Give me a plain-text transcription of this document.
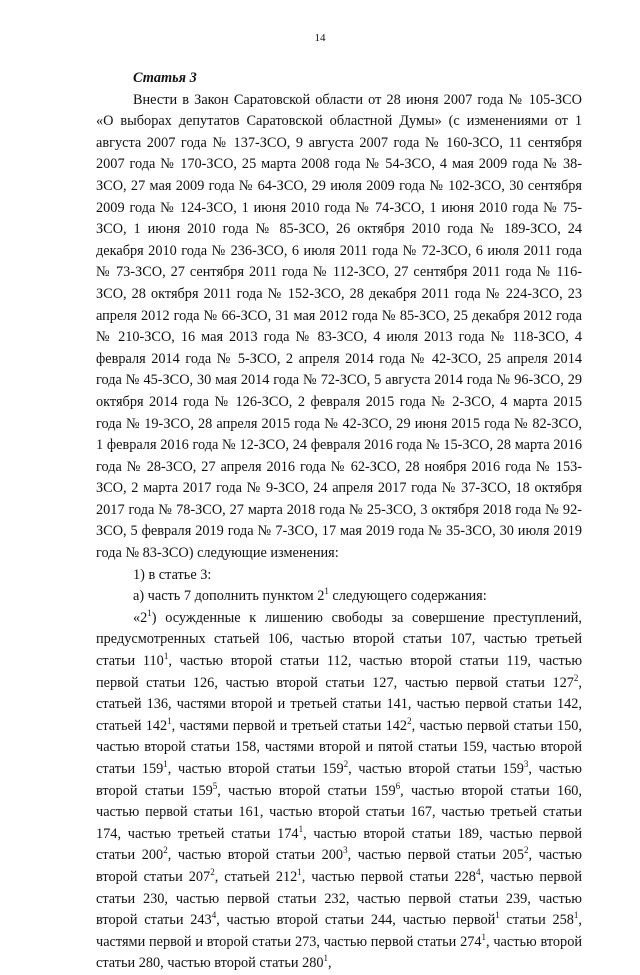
14

Статья 3

Внести в Закон Саратовской области от 28 июня 2007 года № 105-ЗСО «О выборах депутатов Саратовской областной Думы» (с изменениями от 1 августа 2007 года № 137-ЗСО, 9 августа 2007 года № 160-ЗСО, 11 сентября 2007 года № 170-ЗСО, 25 марта 2008 года № 54-ЗСО, 4 мая 2009 года № 38-ЗСО, 27 мая 2009 года № 64-ЗСО, 29 июля 2009 года № 102-ЗСО, 30 сентября 2009 года № 124-ЗСО, 1 июня 2010 года № 74-ЗСО, 1 июня 2010 года № 75-ЗСО, 1 июня 2010 года № 85-ЗСО, 26 октября 2010 года № 189-ЗСО, 24 декабря 2010 года № 236-ЗСО, 6 июля 2011 года № 72-ЗСО, 6 июля 2011 года № 73-ЗСО, 27 сентября 2011 года № 112-ЗСО, 27 сентября 2011 года № 116-ЗСО, 28 октября 2011 года № 152-ЗСО, 28 декабря 2011 года № 224-ЗСО, 23 апреля 2012 года № 66-ЗСО, 31 мая 2012 года № 85-ЗСО, 25 декабря 2012 года № 210-ЗСО, 16 мая 2013 года № 83-ЗСО, 4 июля 2013 года № 118-ЗСО, 4 февраля 2014 года № 5-ЗСО, 2 апреля 2014 года № 42-ЗСО, 25 апреля 2014 года № 45-ЗСО, 30 мая 2014 года № 72-ЗСО, 5 августа 2014 года № 96-ЗСО, 29 октября 2014 года № 126-ЗСО, 2 февраля 2015 года № 2-ЗСО, 4 марта 2015 года № 19-ЗСО, 28 апреля 2015 года № 42-ЗСО, 29 июня 2015 года № 82-ЗСО, 1 февраля 2016 года № 12-ЗСО, 24 февраля 2016 года № 15-ЗСО, 28 марта 2016 года № 28-ЗСО, 27 апреля 2016 года № 62-ЗСО, 28 ноября 2016 года № 153-ЗСО, 2 марта 2017 года № 9-ЗСО, 24 апреля 2017 года № 37-ЗСО, 18 октября 2017 года № 78-ЗСО, 27 марта 2018 года № 25-ЗСО, 3 октября 2018 года № 92-ЗСО, 5 февраля 2019 года № 7-ЗСО, 17 мая 2019 года № 35-ЗСО, 30 июля 2019 года № 83-ЗСО) следующие изменения:

1) в статье 3:

а) часть 7 дополнить пунктом $2^1$ следующего содержания:

«$2^1$) осужденные к лишению свободы за совершение преступлений, предусмотренных статьей 106, частью второй статьи 107, частью третьей статьи $110^1$, частью второй статьи 112, частью второй статьи 119, частью первой статьи 126, частью второй статьи 127, частью первой статьи $127^2$, статьей 136, частями второй и третьей статьи 141, частью первой статьи 142, статьей $142^1$, частями первой и третьей статьи $142^2$, частью первой статьи 150, частью второй статьи 158, частями второй и пятой статьи 159, частью второй статьи $159^1$, частью второй статьи $159^2$, частью второй статьи $159^3$, частью второй статьи $159^5$, частью второй статьи $159^6$, частью второй статьи 160, частью первой статьи 161, частью второй статьи 167, частью третьей статьи 174, частью третьей статьи $174^1$, частью второй статьи 189, частью первой статьи $200^2$, частью второй статьи $200^3$, частью первой статьи $205^2$, частью второй статьи $207^2$, статьей $212^1$, частью первой статьи $228^4$, частью первой статьи 230, частью первой статьи 232, частью первой статьи 239, частью второй статьи $243^4$, частью второй статьи 244, частью первой$^1$ статьи $258^1$, частями первой и второй статьи 273, частью первой статьи $274^1$, частью второй статьи 280, частью второй статьи $280^1$,
